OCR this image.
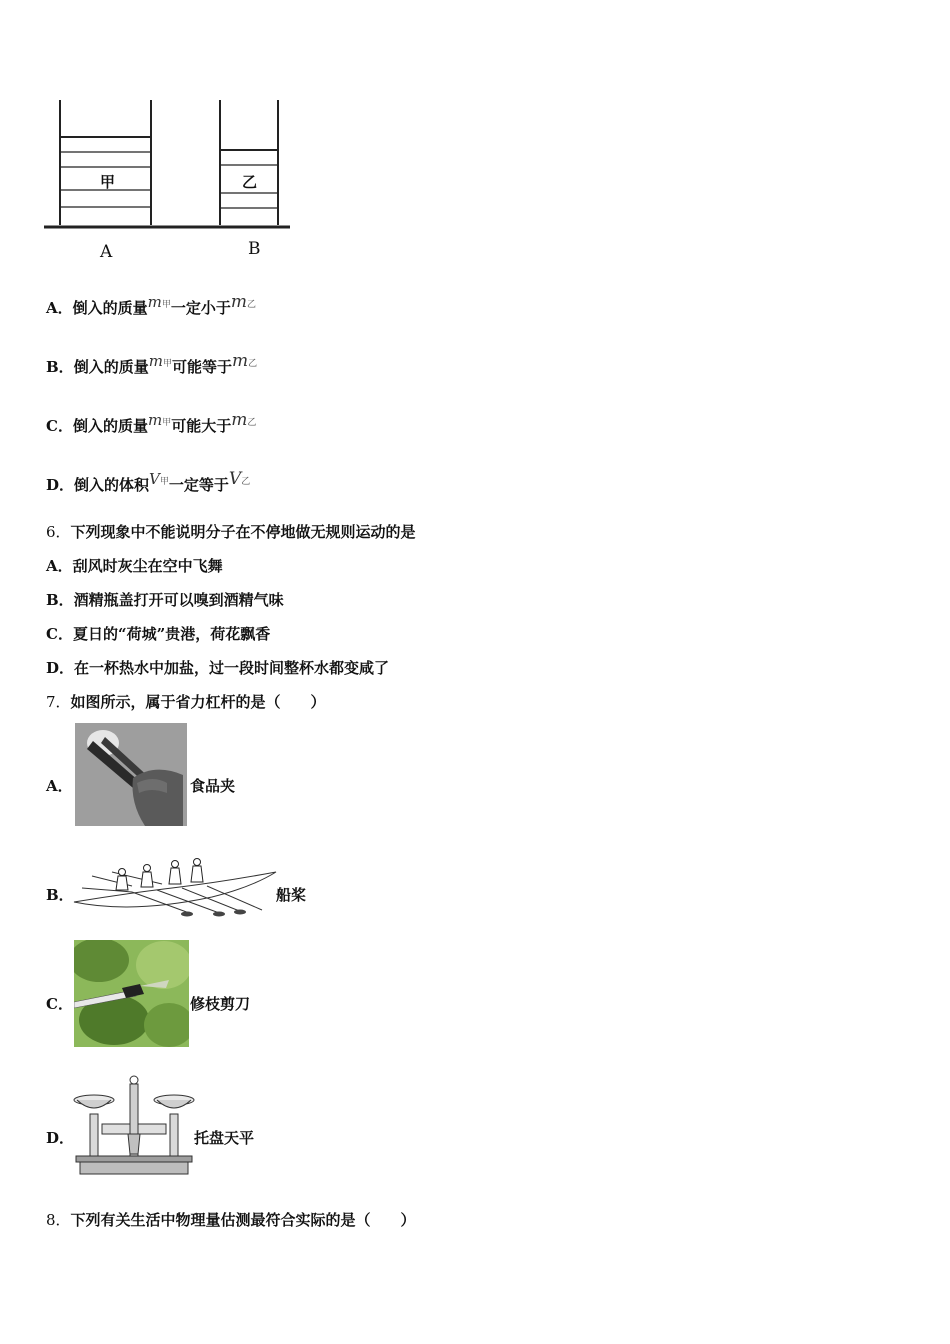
甲	乙
A	B
A．倒入的质量m甲一定小于m乙
B．倒入的质量m甲可能等于m乙
C．倒入的质量m甲可能大于m乙
D．倒入的体积V甲一定等于V乙
6．下列现象中不能说明分子在不停地做无规则运动的是
A．刮风时灰尘在空中飞舞
B．酒精瓶盖打开可以嗅到酒精气味
C．夏日的“荷城”贵港，荷花飘香
D．在一杯热水中加盐，过一段时间整杯水都变咸了
7．如图所示，属于省力杠杆的是（　　）
A．	食品夹
B．	船桨
C．	修枝剪刀
D．	托盘天平
8．下列有关生活中物理量估测最符合实际的是（　　）
